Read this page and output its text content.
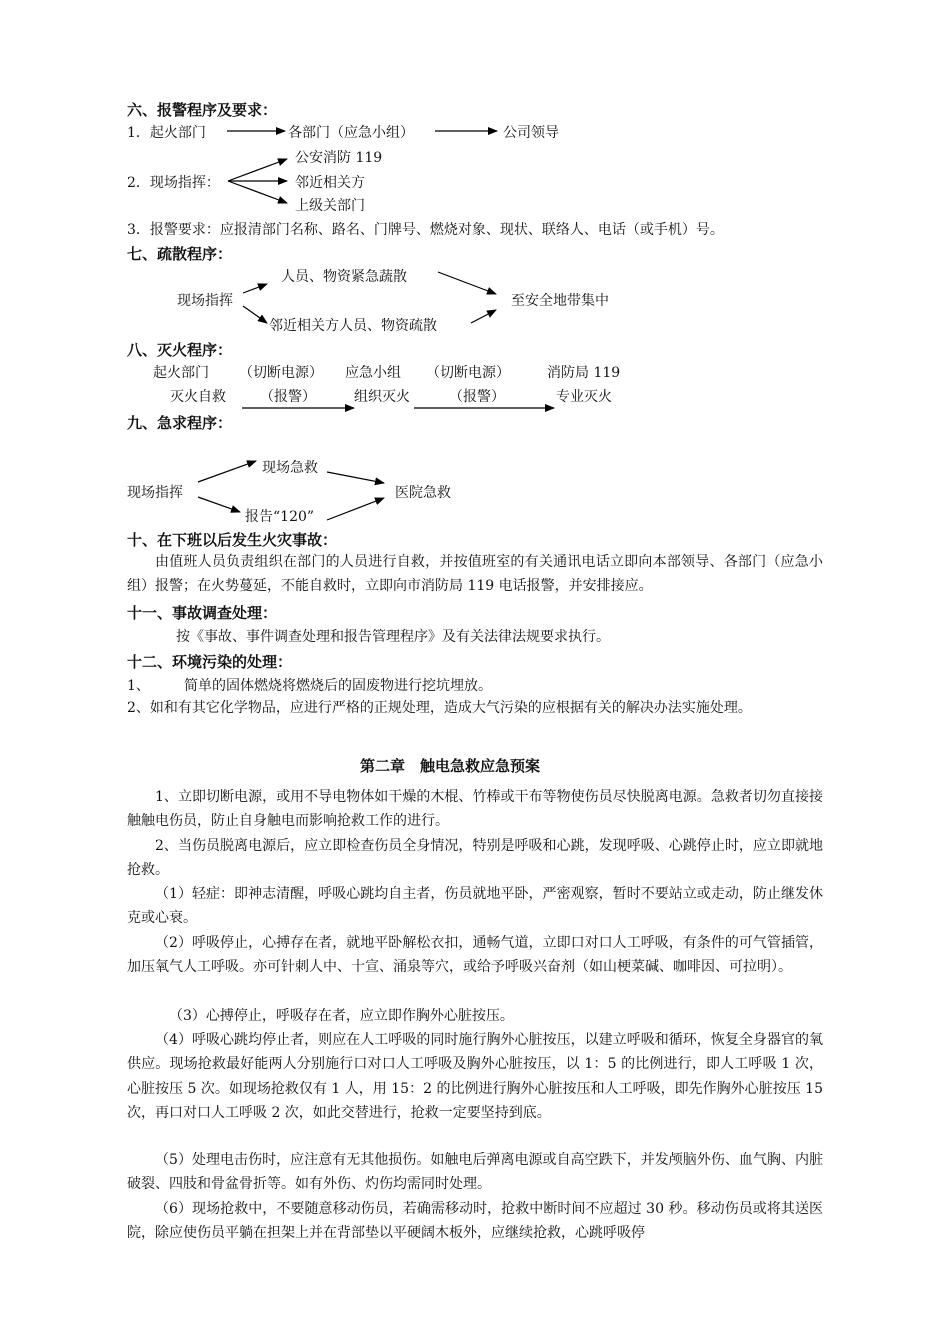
六、报警程序及要求：
1．起火部门	各部门（应急小组）	公司领导
2．现场指挥：
公安消防 119
邻近相关方
上级关部门
3．报警要求：应报清部门名称、路名、门牌号、燃烧对象、现状、联络人、电话（或手机）号。
七、疏散程序：
现场指挥
人员、物资紧急蔬散
邻近相关方人员、物资疏散
至安全地带集中
八、灭火程序：
起火部门 （切断电源） 应急小组 （切断电源）	消防局 119
灭火自救 （报警）	组织灭火	（报警）	专业灭火
九、急求程序：
现场指挥
现场急救
报告“120”
医院急救
十、在下班以后发生火灾事故：
由值班人员负责组织在部门的人员进行自救，并按值班室的有关通讯电话立即向本部领导、各部门（应急小组）报警；在火势蔓延，不能自救时，立即向市消防局 119 电话报警，并安排接应。
十一、事故调查处理：
按《事故、事件调查处理和报告管理程序》及有关法律法规要求执行。
十二、环境污染的处理：
1、 简单的固体燃烧将燃烧后的固废物进行挖坑埋放。
2、如和有其它化学物品，应进行严格的正规处理，造成大气污染的应根据有关的解决办法实施处理。
第二章　触电急救应急预案
1、立即切断电源，或用不导电物体如干燥的木棍、竹棒或干布等物使伤员尽快脱离电源。急救者切勿直接接触触电伤员，防止自身触电而影响抢救工作的进行。
2、当伤员脱离电源后，应立即检查伤员全身情况，特别是呼吸和心跳，发现呼吸、心跳停止时，应立即就地抢救。
（1）轻症：即神志清醒，呼吸心跳均自主者，伤员就地平卧，严密观察，暂时不要站立或走动，防止继发休克或心衰。
（2）呼吸停止，心搏存在者，就地平卧解松衣扣，通畅气道，立即口对口人工呼吸，有条件的可气管插管，加压氧气人工呼吸。亦可针刺人中、十宣、涌泉等穴，或给予呼吸兴奋剂（如山梗菜碱、咖啡因、可拉明）。
（3）心搏停止，呼吸存在者，应立即作胸外心脏按压。
（4）呼吸心跳均停止者，则应在人工呼吸的同时施行胸外心脏按压，以建立呼吸和循环，恢复全身器官的氧供应。现场抢救最好能两人分别施行口对口人工呼吸及胸外心脏按压，以 1：5 的比例进行，即人工呼吸 1 次，心脏按压 5 次。如现场抢救仅有 1 人，用 15：2 的比例进行胸外心脏按压和人工呼吸，即先作胸外心脏按压 15 次，再口对口人工呼吸 2 次，如此交替进行，抢救一定要坚持到底。
（5）处理电击伤时，应注意有无其他损伤。如触电后弹离电源或自高空跌下，并发颅脑外伤、血气胸、内脏破裂、四肢和骨盆骨折等。如有外伤、灼伤均需同时处理。
（6）现场抢救中，不要随意移动伤员，若确需移动时，抢救中断时间不应超过 30 秒。移动伤员或将其送医院，除应使伤员平躺在担架上并在背部垫以平硬阔木板外，应继续抢救，心跳呼吸停
